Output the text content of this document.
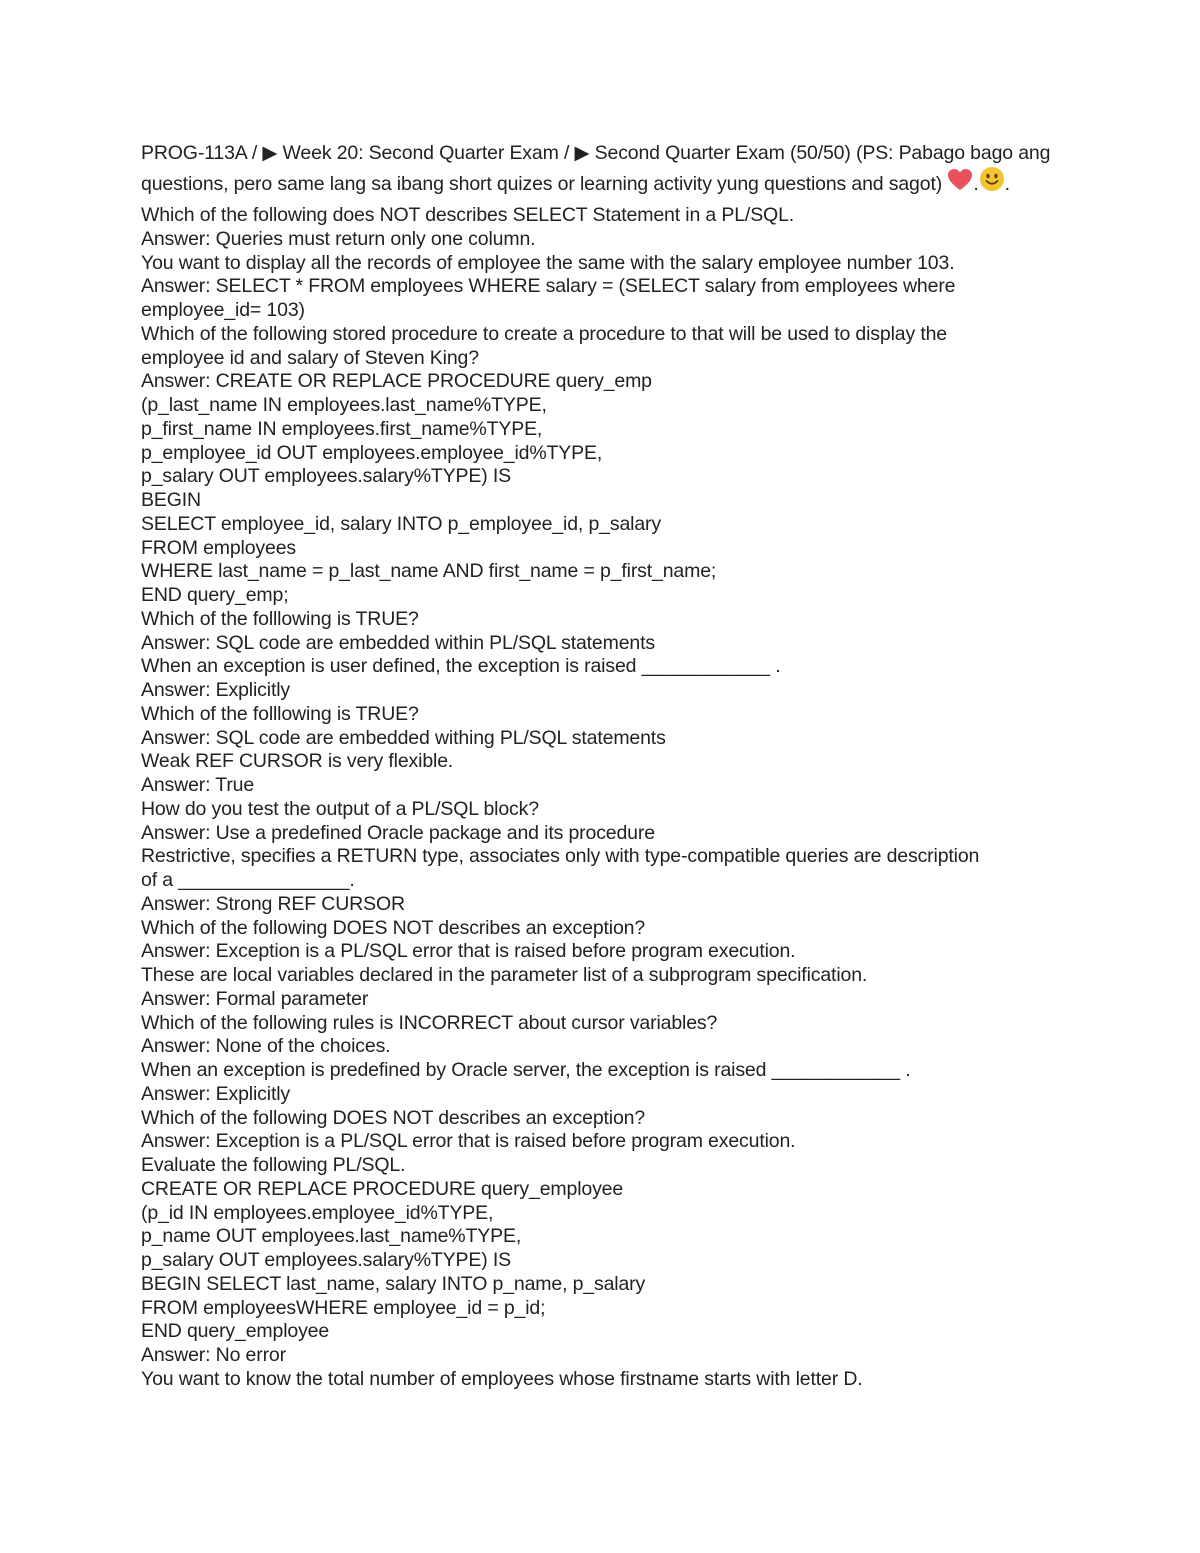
PROG-113A / ▶ Week 20: Second Quarter Exam / ▶ Second Quarter Exam (50/50) (PS: Pabago bago ang questions, pero same lang sa ibang short quizes or learning activity yung questions and sagot) . .
Which of the following does NOT describes SELECT Statement in a PL/SQL.
Answer: Queries must return only one column.
You want to display all the records of employee the same with the salary employee number 103.
Answer: SELECT * FROM employees WHERE salary = (SELECT salary from employees where
employee_id= 103)
Which of the following stored procedure to create a procedure to that will be used to display the
employee id and salary of Steven King?
Answer: CREATE OR REPLACE PROCEDURE query_emp
(p_last_name IN employees.last_name%TYPE,
p_first_name IN employees.first_name%TYPE,
p_employee_id OUT employees.employee_id%TYPE,
p_salary OUT employees.salary%TYPE) IS
BEGIN
SELECT employee_id, salary INTO p_employee_id, p_salary
FROM employees
WHERE last_name = p_last_name AND first_name = p_first_name;
END query_emp;
Which of the folllowing is TRUE?
Answer: SQL code are embedded within PL/SQL statements
When an exception is user defined, the exception is raised ____________ .
Answer: Explicitly
Which of the folllowing is TRUE?
Answer: SQL code are embedded withing PL/SQL statements
Weak REF CURSOR is very flexible.
Answer: True
How do you test the output of a PL/SQL block?
Answer: Use a predefined Oracle package and its procedure
Restrictive, specifies a RETURN type, associates only with type-compatible queries are description
of a ________________.
Answer: Strong REF CURSOR
Which of the following DOES NOT describes an exception?
Answer: Exception is a PL/SQL error that is raised before program execution.
These are local variables declared in the parameter list of a subprogram specification.
Answer: Formal parameter
Which of the following rules is INCORRECT about cursor variables?
Answer: None of the choices.
When an exception is predefined by Oracle server, the exception is raised ____________ .
Answer: Explicitly
Which of the following DOES NOT describes an exception?
Answer: Exception is a PL/SQL error that is raised before program execution.
Evaluate the following PL/SQL.
CREATE OR REPLACE PROCEDURE query_employee
(p_id IN employees.employee_id%TYPE,
p_name OUT employees.last_name%TYPE,
p_salary OUT employees.salary%TYPE) IS
BEGIN SELECT last_name, salary INTO p_name, p_salary
FROM employeesWHERE employee_id = p_id;
END query_employee
Answer: No error
You want to know the total number of employees whose firstname starts with letter D.
